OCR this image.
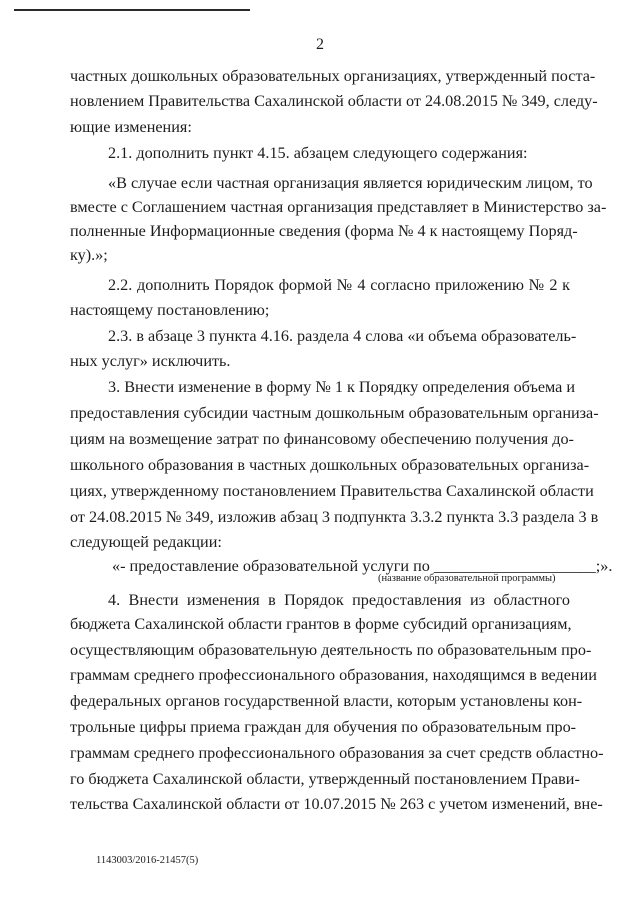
2
частных дошкольных образовательных организациях, утвержденный поста-
новлением Правительства Сахалинской области от 24.08.2015 № 349, следу-
ющие изменения:
2.1. дополнить пункт 4.15. абзацем следующего содержания:
«В случае если частная организация является юридическим лицом, то
вместе с Соглашением частная организация представляет в Министерство за-
полненные Информационные сведения (форма № 4 к настоящему Поряд-
ку).»;
2.2. дополнить Порядок формой № 4 согласно приложению № 2 к
настоящему постановлению;
2.3. в абзаце 3 пункта 4.16. раздела 4 слова «и объема образователь-
ных услуг» исключить.
3. Внести изменение в форму № 1 к Порядку определения объема и
предоставления субсидии частным дошкольным образовательным организа-
циям на возмещение затрат по финансовому обеспечению получения до-
школьного образования в частных дошкольных образовательных организа-
циях, утвержденному постановлением Правительства Сахалинской области
от 24.08.2015 № 349, изложив абзац 3 подпункта 3.3.2 пункта 3.3 раздела 3 в
следующей редакции:
«- предоставление образовательной услуги по ____________________;».
(название образовательной программы)
4. Внести изменения в Порядок предоставления из областного
бюджета Сахалинской области грантов в форме субсидий организациям,
осуществляющим образовательную деятельность по образовательным про-
граммам среднего профессионального образования, находящимся в ведении
федеральных органов государственной власти, которым установлены кон-
трольные цифры приема граждан для обучения по образовательным про-
граммам среднего профессионального образования за счет средств областно-
го бюджета Сахалинской области, утвержденный постановлением Прави-
тельства Сахалинской области от 10.07.2015 № 263 с учетом изменений, вне-
1143003/2016-21457(5)
